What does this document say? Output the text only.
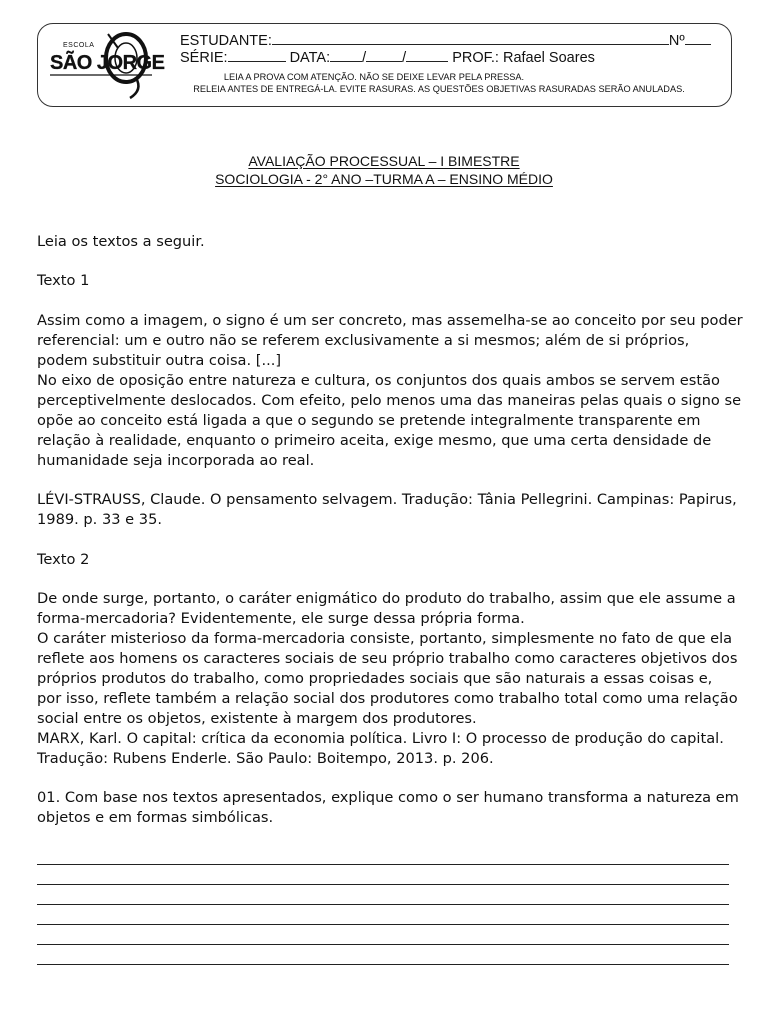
ESCOLA
SÃO JORGE
ESTUDANTE:	Nº
SÉRIE:	DATA: / /	PROF.: Rafael Soares
LEIA A PROVA COM ATENÇÃO. NÃO SE DEIXE LEVAR PELA PRESSA.
RELEIA ANTES DE ENTREGÁ-LA. EVITE RASURAS. AS QUESTÕES OBJETIVAS RASURADAS SERÃO ANULADAS.
AVALIAÇÃO PROCESSUAL – I BIMESTRE
SOCIOLOGIA - 2° ANO –TURMA A – ENSINO MÉDIO

Leia os textos a seguir.

Texto 1

Assim como a imagem, o signo é um ser concreto, mas assemelha-se ao conceito por seu poder

referencial: um e outro não se referem exclusivamente a si mesmos; além de si próprios,

podem substituir outra coisa. [...]

No eixo de oposição entre natureza e cultura, os conjuntos dos quais ambos se servem estão

perceptivelmente deslocados. Com efeito, pelo menos uma das maneiras pelas quais o signo se

opõe ao conceito está ligada a que o segundo se pretende integralmente transparente em

relação à realidade, enquanto o primeiro aceita, exige mesmo, que uma certa densidade de

humanidade seja incorporada ao real.

LÉVI-STRAUSS, Claude. O pensamento selvagem. Tradução: Tânia Pellegrini. Campinas: Papirus,

1989. p. 33 e 35.

Texto 2

De onde surge, portanto, o caráter enigmático do produto do trabalho, assim que ele assume a

forma-mercadoria? Evidentemente, ele surge dessa própria forma.

O caráter misterioso da forma-mercadoria consiste, portanto, simplesmente no fato de que ela

reflete aos homens os caracteres sociais de seu próprio trabalho como caracteres objetivos dos

próprios produtos do trabalho, como propriedades sociais que são naturais a essas coisas e,

por isso, reflete também a relação social dos produtores como trabalho total como uma relação

social entre os objetos, existente à margem dos produtores.

MARX, Karl. O capital: crítica da economia política. Livro I: O processo de produção do capital.

Tradução: Rubens Enderle. São Paulo: Boitempo, 2013. p. 206.

01. Com base nos textos apresentados, explique como o ser humano transforma a natureza em

objetos e em formas simbólicas.
